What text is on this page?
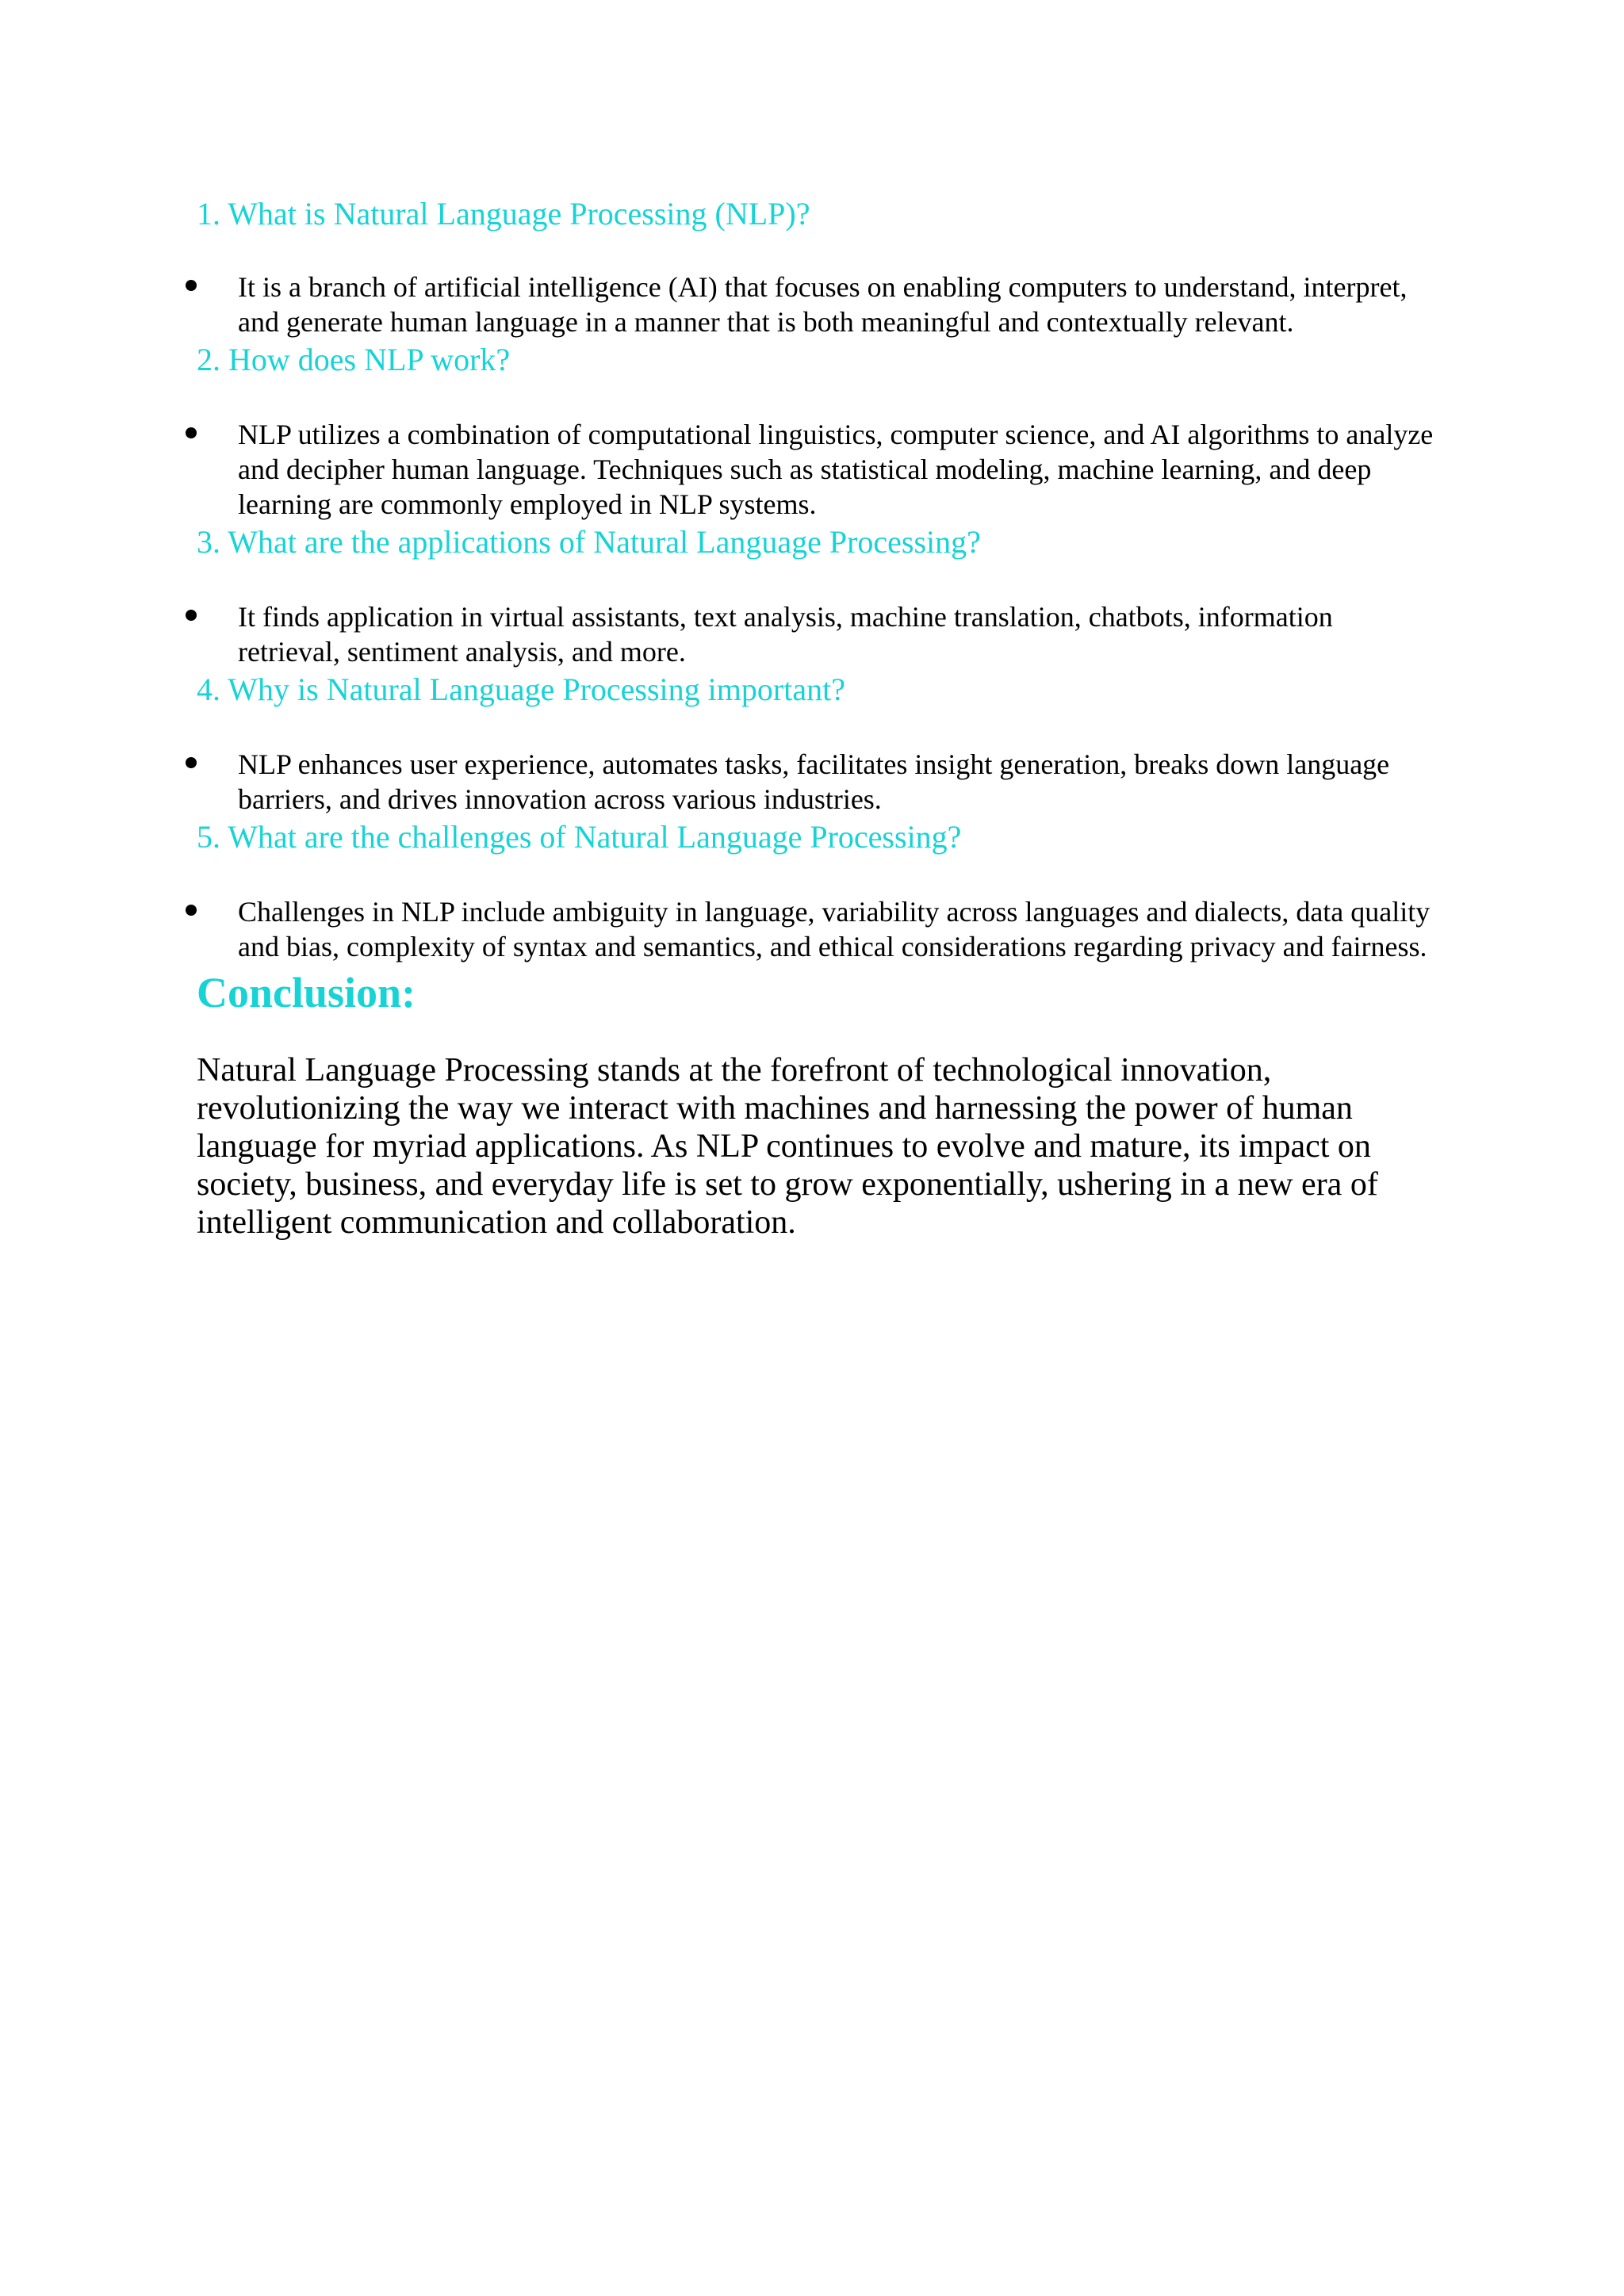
1. What is Natural Language Processing (NLP)?

It is a branch of artificial intelligence (AI) that focuses on enabling computers to understand, interpret, and generate human language in a manner that is both meaningful and contextually relevant.

2. How does NLP work?

NLP utilizes a combination of computational linguistics, computer science, and AI algorithms to analyze and decipher human language. Techniques such as statistical modeling, machine learning, and deep learning are commonly employed in NLP systems.

3. What are the applications of Natural Language Processing?

It finds application in virtual assistants, text analysis, machine translation, chatbots, information retrieval, sentiment analysis, and more.

4. Why is Natural Language Processing important?

NLP enhances user experience, automates tasks, facilitates insight generation, breaks down language barriers, and drives innovation across various industries.

5. What are the challenges of Natural Language Processing?

Challenges in NLP include ambiguity in language, variability across languages and dialects, data quality and bias, complexity of syntax and semantics, and ethical considerations regarding privacy and fairness.
Conclusion:

Natural Language Processing stands at the forefront of technological innovation, revolutionizing the way we interact with machines and harnessing the power of human language for myriad applications. As NLP continues to evolve and mature, its impact on society, business, and everyday life is set to grow exponentially, ushering in a new era of intelligent communication and collaboration.
